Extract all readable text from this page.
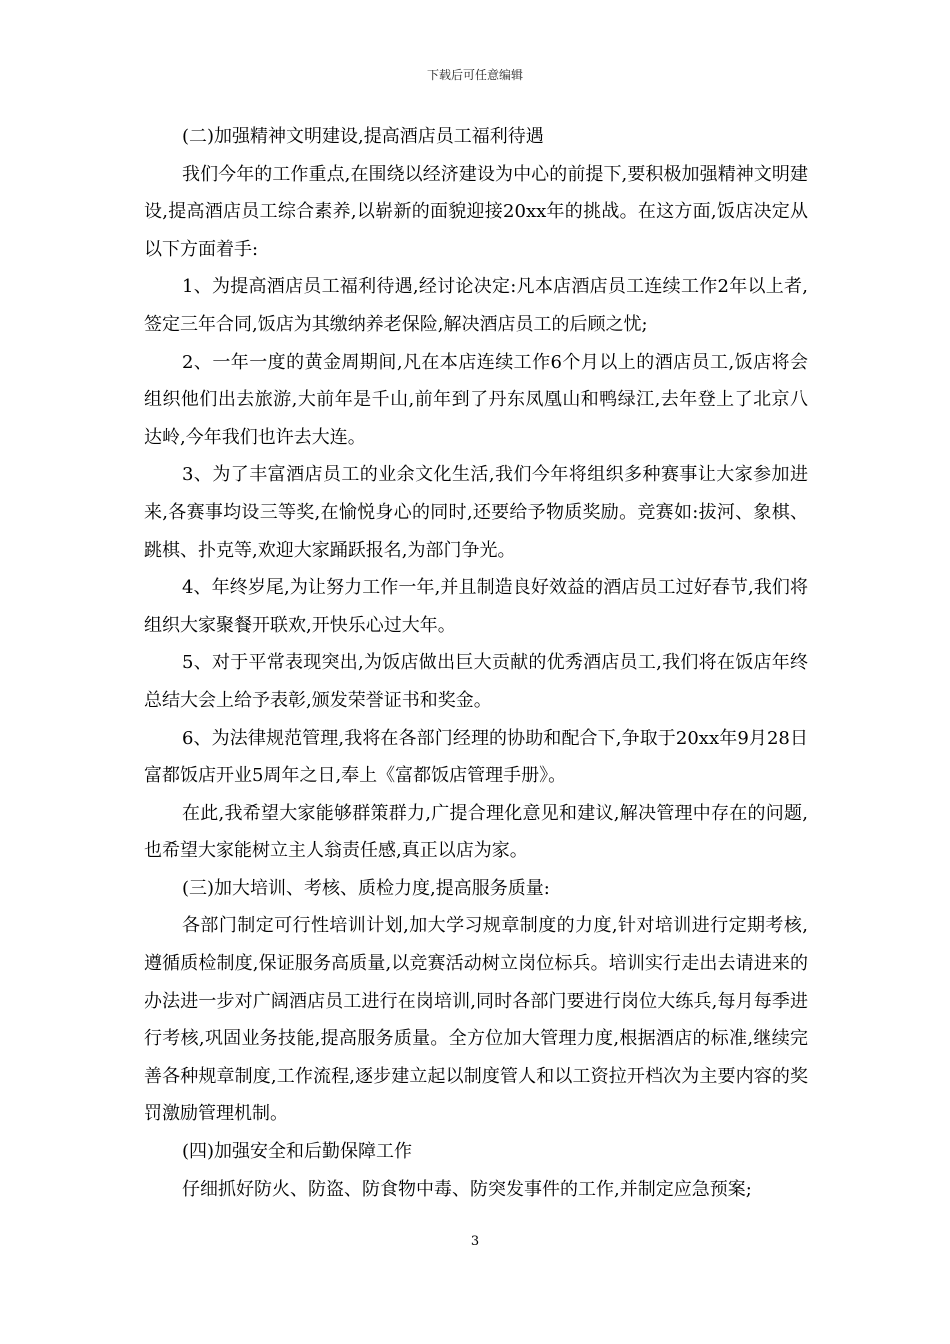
下载后可任意编辑

(二)加强精神文明建设,提高酒店员工福利待遇

我们今年的工作重点,在围绕以经济建设为中心的前提下,要积极加强精神文明建设,提高酒店员工综合素养,以崭新的面貌迎接20xx年的挑战。在这方面,饭店决定从以下方面着手:

1、为提高酒店员工福利待遇,经讨论决定:凡本店酒店员工连续工作2年以上者,签定三年合同,饭店为其缴纳养老保险,解决酒店员工的后顾之忧;

2、一年一度的黄金周期间,凡在本店连续工作6个月以上的酒店员工,饭店将会组织他们出去旅游,大前年是千山,前年到了丹东凤凰山和鸭绿江,去年登上了北京八达岭,今年我们也许去大连。

3、为了丰富酒店员工的业余文化生活,我们今年将组织多种赛事让大家参加进来,各赛事均设三等奖,在愉悦身心的同时,还要给予物质奖励。竞赛如:拔河、象棋、跳棋、扑克等,欢迎大家踊跃报名,为部门争光。

4、年终岁尾,为让努力工作一年,并且制造良好效益的酒店员工过好春节,我们将组织大家聚餐开联欢,开快乐心过大年。

5、对于平常表现突出,为饭店做出巨大贡献的优秀酒店员工,我们将在饭店年终总结大会上给予表彰,颁发荣誉证书和奖金。

6、为法律规范管理,我将在各部门经理的协助和配合下,争取于20xx年9月28日富都饭店开业5周年之日,奉上《富都饭店管理手册》。

在此,我希望大家能够群策群力,广提合理化意见和建议,解决管理中存在的问题,也希望大家能树立主人翁责任感,真正以店为家。

(三)加大培训、考核、质检力度,提高服务质量:

各部门制定可行性培训计划,加大学习规章制度的力度,针对培训进行定期考核,遵循质检制度,保证服务高质量,以竞赛活动树立岗位标兵。培训实行走出去请进来的办法进一步对广阔酒店员工进行在岗培训,同时各部门要进行岗位大练兵,每月每季进行考核,巩固业务技能,提高服务质量。全方位加大管理力度,根据酒店的标准,继续完善各种规章制度,工作流程,逐步建立起以制度管人和以工资拉开档次为主要内容的奖罚激励管理机制。

(四)加强安全和后勤保障工作

仔细抓好防火、防盗、防食物中毒、防突发事件的工作,并制定应急预案;

3
